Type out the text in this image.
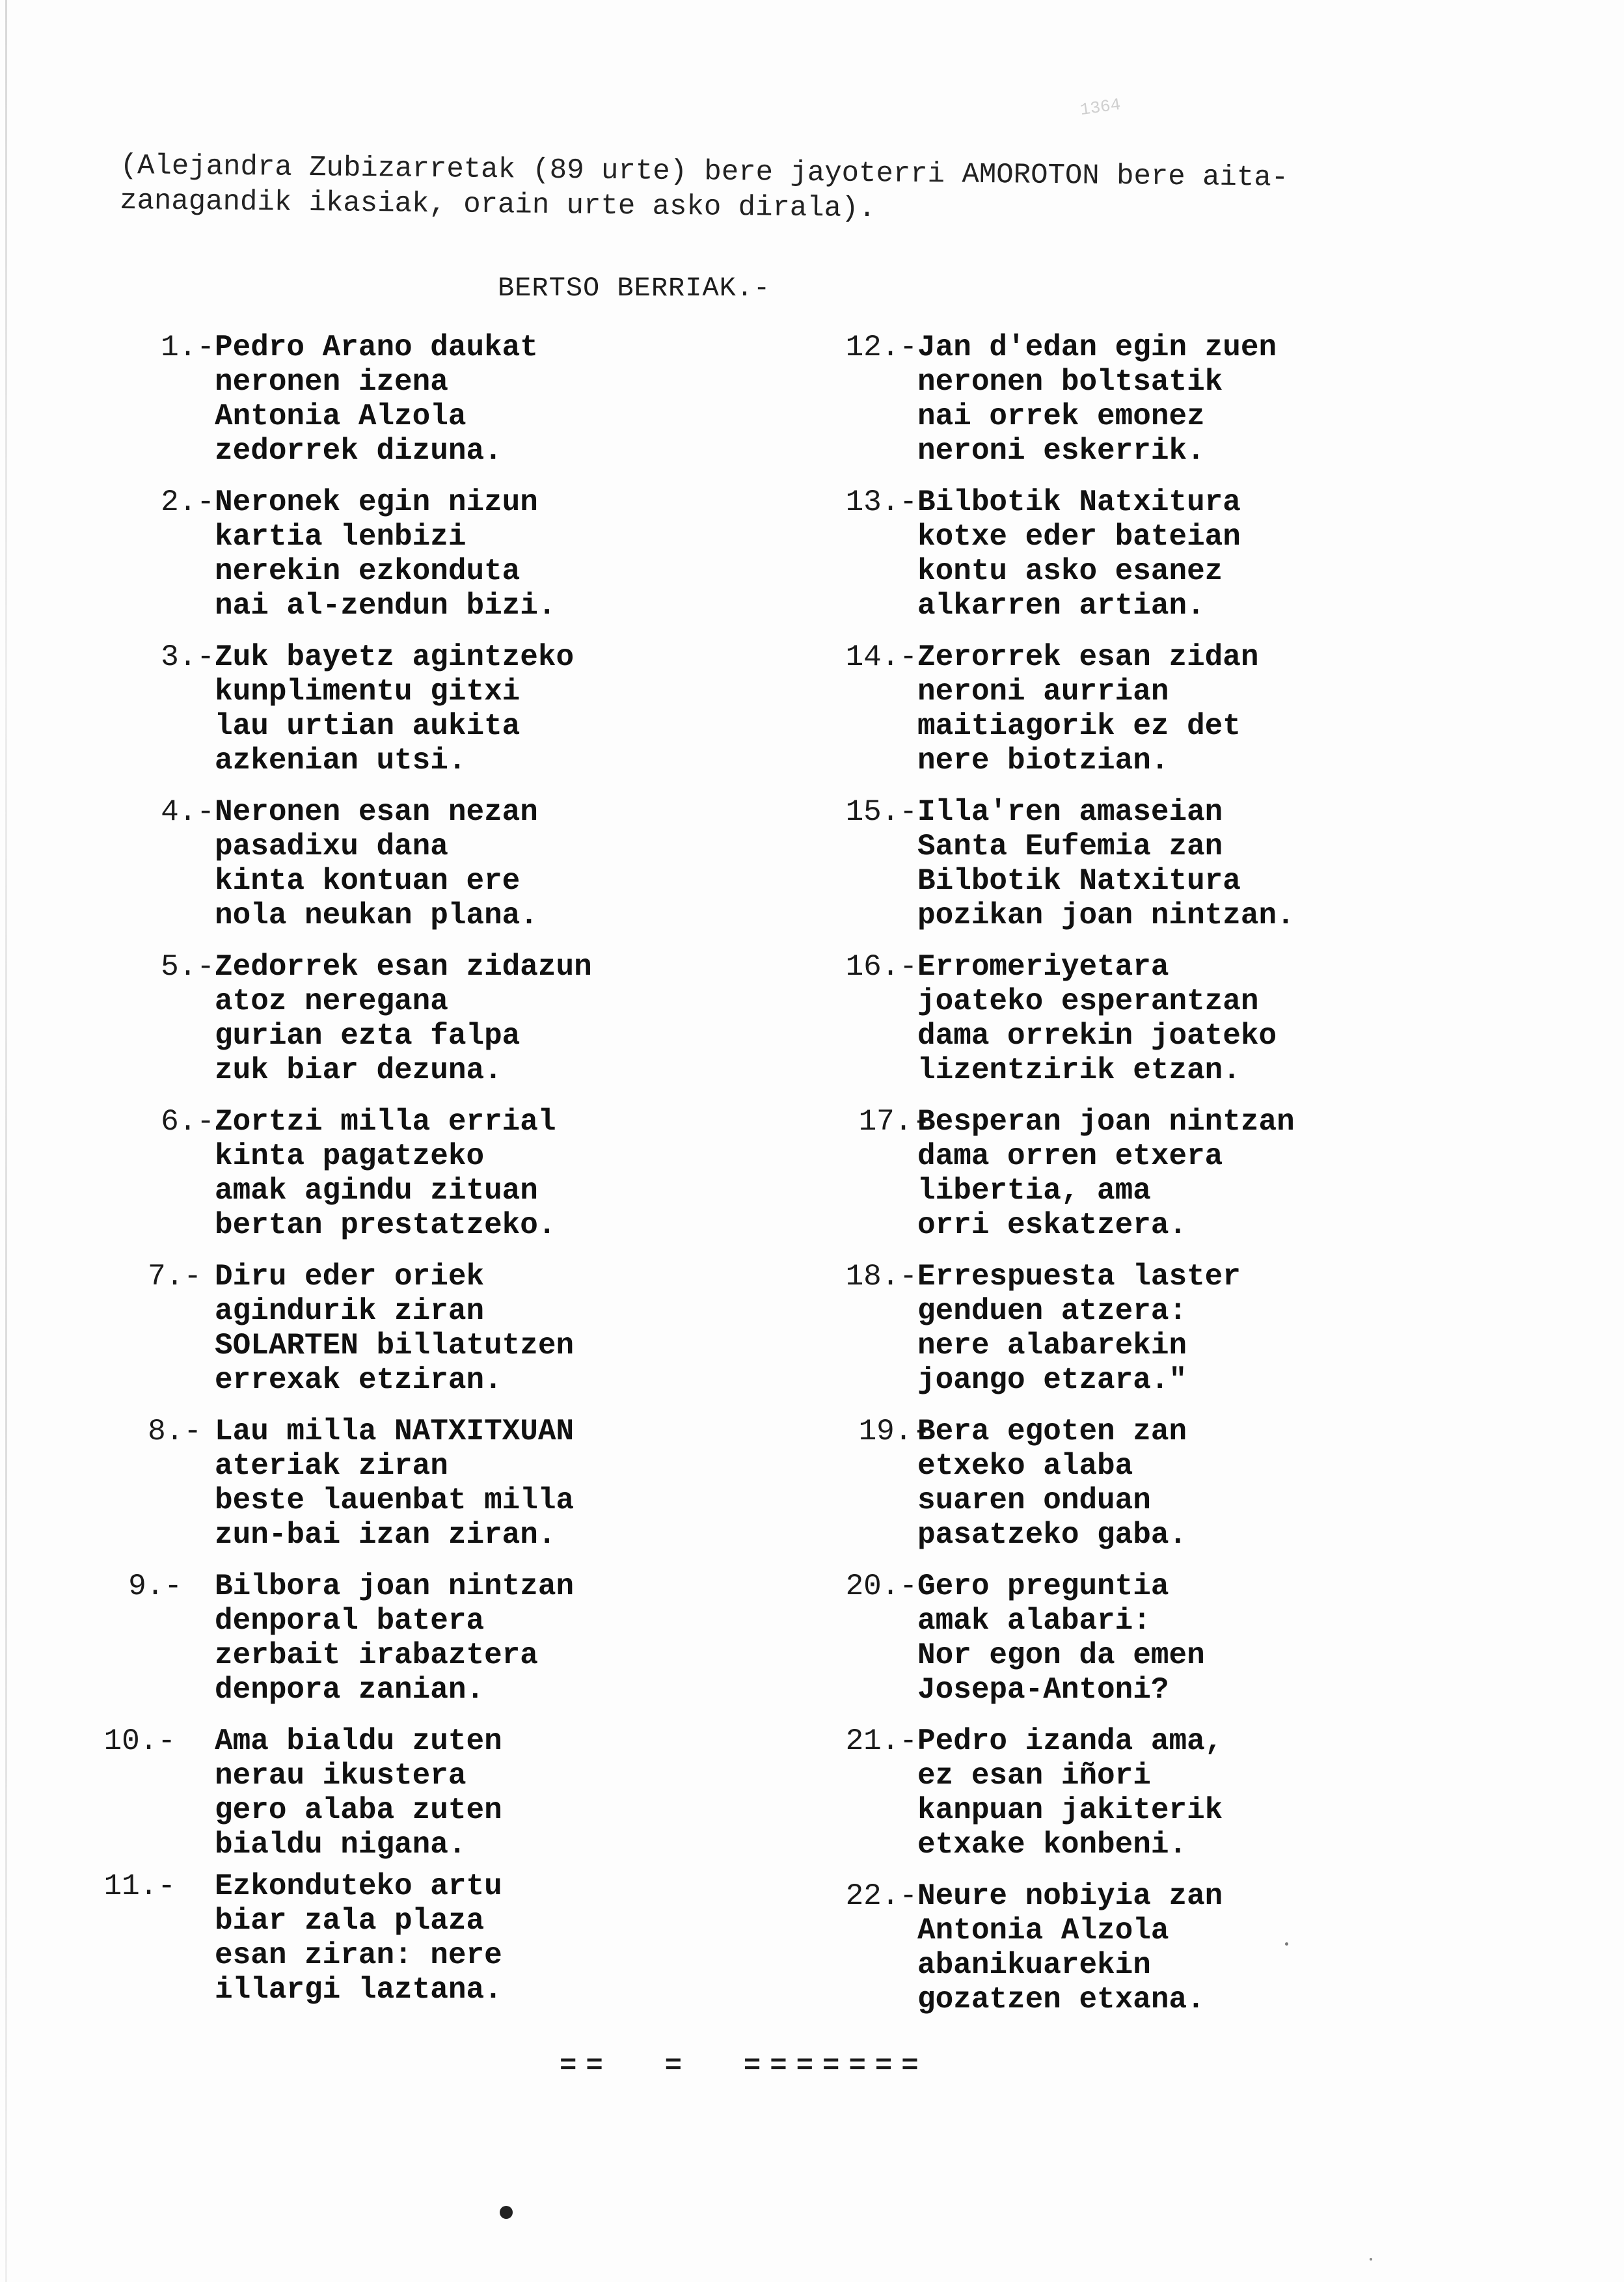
1364
(Alejandra Zubizarretak (89 urte) bere jayoterri AMOROTON bere aita-
zanagandik ikasiak, orain urte asko dirala).
BERTSO BERRIAK.-
1.- Pedro Arano daukat
neronen izena
Antonia Alzola
zedorrek dizuna.
2.- Neronek egin nizun
kartia lenbizi
nerekin ezkonduta
nai al-zendun bizi.
3.- Zuk bayetz agintzeko
kunplimentu gitxi
lau urtian aukita
azkenian utsi.
4.- Neronen esan nezan
pasadixu dana
kinta kontuan ere
nola neukan plana.
5.- Zedorrek esan zidazun
atoz neregana
gurian ezta falpa
zuk biar dezuna.
6.- Zortzi milla errial
kinta pagatzeko
amak agindu zituan
bertan prestatzeko.
7.- Diru eder oriek
agindurik ziran
SOLARTEN billatutzen
errexak etziran.
8.- Lau milla NATXITXUAN
ateriak ziran
beste lauenbat milla
zun-bai izan ziran.
9.- Bilbora joan nintzan
denporal batera
zerbait irabaztera
denpora zanian.
10.- Ama bialdu zuten
nerau ikustera
gero alaba zuten
bialdu nigana.
11.- Ezkonduteko artu
biar zala plaza
esan ziran: nere
illargi laztana.
12.- Jan d'edan egin zuen
neronen boltsatik
nai orrek emonez
neroni eskerrik.
13.- Bilbotik Natxitura
kotxe eder bateian
kontu asko esanez
alkarren artian.
14.- Zerorrek esan zidan
neroni aurrian
maitiagorik ez det
nere biotzian.
15.- Illa'ren amaseian
Santa Eufemia zan
Bilbotik Natxitura
pozikan joan nintzan.
16.- Erromeriyetara
joateko esperantzan
dama orrekin joateko
lizentzirik etzan.
17.-
Besperan joan nintzan
dama orren etxera
libertia, ama
orri eskatzera.
18.- Errespuesta laster
genduen atzera:
nere alabarekin
joango etzara."
19.-
Bera egoten zan
etxeko alaba
suaren onduan
pasatzeko gaba.
20.- Gero preguntia
amak alabari:
Nor egon da emen
Josepa-Antoni?
21.- Pedro izanda ama,
ez esan iñori
kanpuan jakiterik
etxake konbeni.
22.- Neure nobiyia zan
Antonia Alzola
abanikuarekin
gozatzen etxana.
==  =  =======
